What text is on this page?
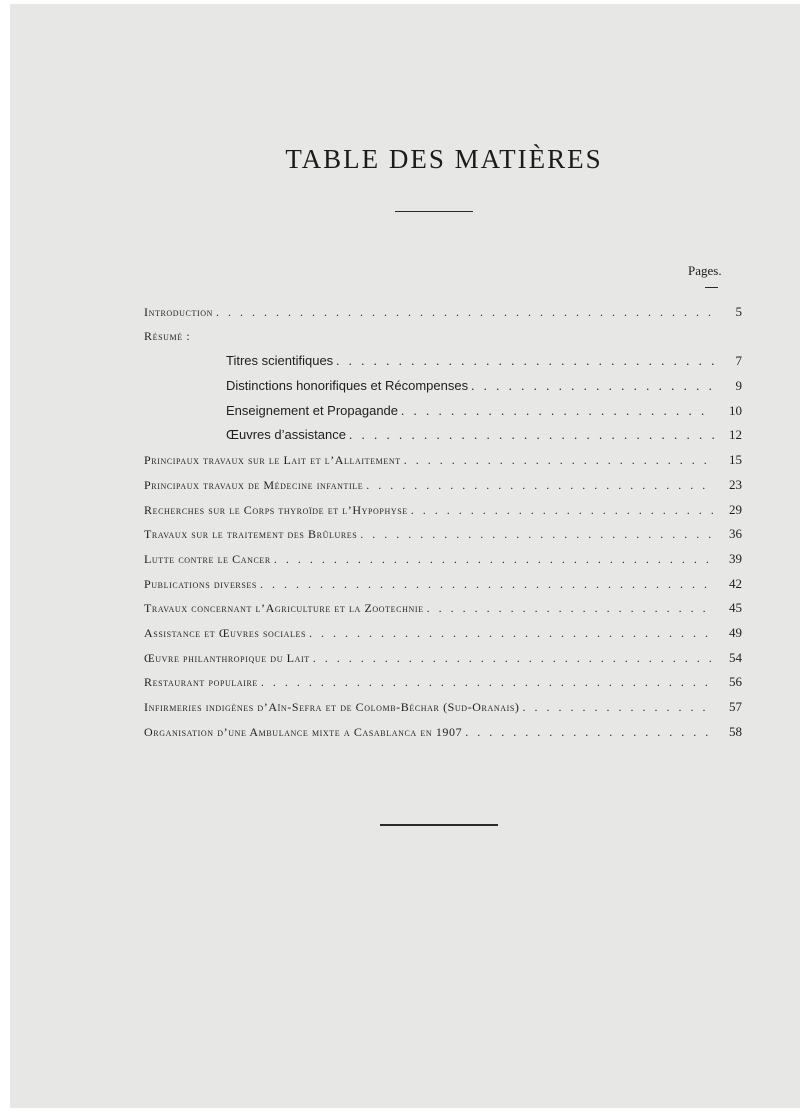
TABLE DES MATIÈRES
Pages.
Introduction . . .	5
Résumé :
Titres scientifiques . . .	7
Distinctions honorifiques et Récompenses . . .	9
Enseignement et Propagande . . .	10
Œuvres d’assistance . . .	12
Principaux travaux sur le Lait et l’Allaitement . . .	15
Principaux travaux de Médecine infantile . . .	23
Recherches sur le Corps thyroïde et l’Hypophyse . . .	29
Travaux sur le traitement des Brûlures . . .	36
Lutte contre le Cancer . . .	39
Publications diverses . . .	42
Travaux concernant l’Agriculture et la Zootechnie . . .	45
Assistance et Œuvres sociales . . .	49
Œuvre philanthropique du Lait . . .	54
Restaurant populaire . . .	56
Infirmeries indigènes d’Aïn-Sefra et de Colomb-Béchar (Sud-Oranais) . . .	57
Organisation d’une Ambulance mixte a Casablanca en 1907 . . .	58
